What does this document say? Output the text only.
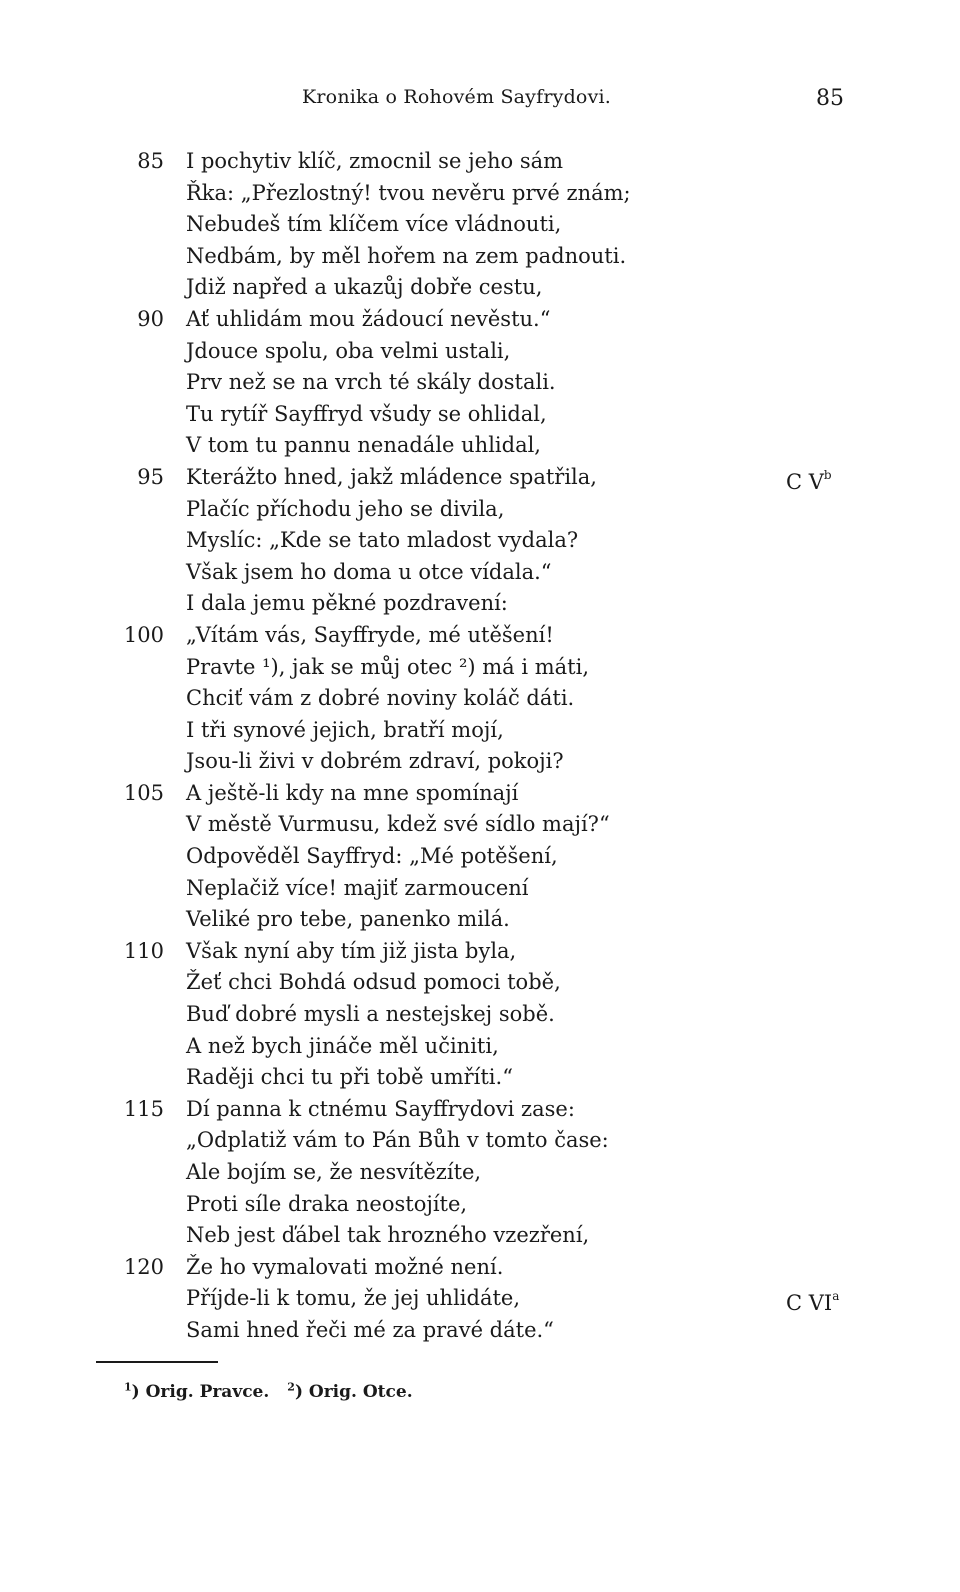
Kronika o Rohovém Sayfrydovi.	85
85 I pochytiv klíč, zmocnil se jeho sám
Řka: „Přezlostný! tvou nevěru prvé znám;
Nebudeš tím klíčem více vládnouti,
Nedbám, by měl hořem na zem padnouti.
Jdiž napřed a ukazůj dobře cestu,
90 Ať uhlidám mou žádoucí nevěstu.“
Jdouce spolu, oba velmi ustali,
Prv než se na vrch té skály dostali.
Tu rytíř Sayffryd všudy se ohlidal,
V tom tu pannu nenadále uhlidal,
95 Kterážto hned, jakž mládence spatřila,	C $V^b$
Plačíc příchodu jeho se divila,
Myslíc: „Kde se tato mladost vydala?
Však jsem ho doma u otce vídala.“
I dala jemu pěkné pozdravení:
100 „Vítám vás, Sayffryde, mé utěšení!
Pravte ¹), jak se můj otec ²) má i máti,
Chciť vám z dobré noviny koláč dáti.
I tři synové jejich, bratří mojí,
Jsou-li živi v dobrém zdraví, pokoji?
105 A ještě-li kdy na mne spomínají
V městě Vurmusu, kdež své sídlo mají?“
Odpověděl Sayffryd: „Mé potěšení,
Neplačiž více! majiť zarmoucení
Veliké pro tebe, panenko milá.
110 Však nyní aby tím již jista byla,
Žeť chci Bohdá odsud pomoci tobě,
Buď dobré mysli a nestejskej sobě.
A než bych jináče měl učiniti,
Raději chci tu při tobě umříti.“
115 Dí panna k ctnému Sayffrydovi zase:
„Odplatiž vám to Pán Bůh v tomto čase:
Ale bojím se, že nesvítězíte,
Proti síle draka neostojíte,
Neb jest ďábel tak hrozného vzezření,
120 Že ho vymalovati možné není.
Příjde-li k tomu, že jej uhlidáte,	C $VI^a$
Sami hned řeči mé za pravé dáte.“
$^1$) Orig. Pravce. $^2$) Orig. Otce.
